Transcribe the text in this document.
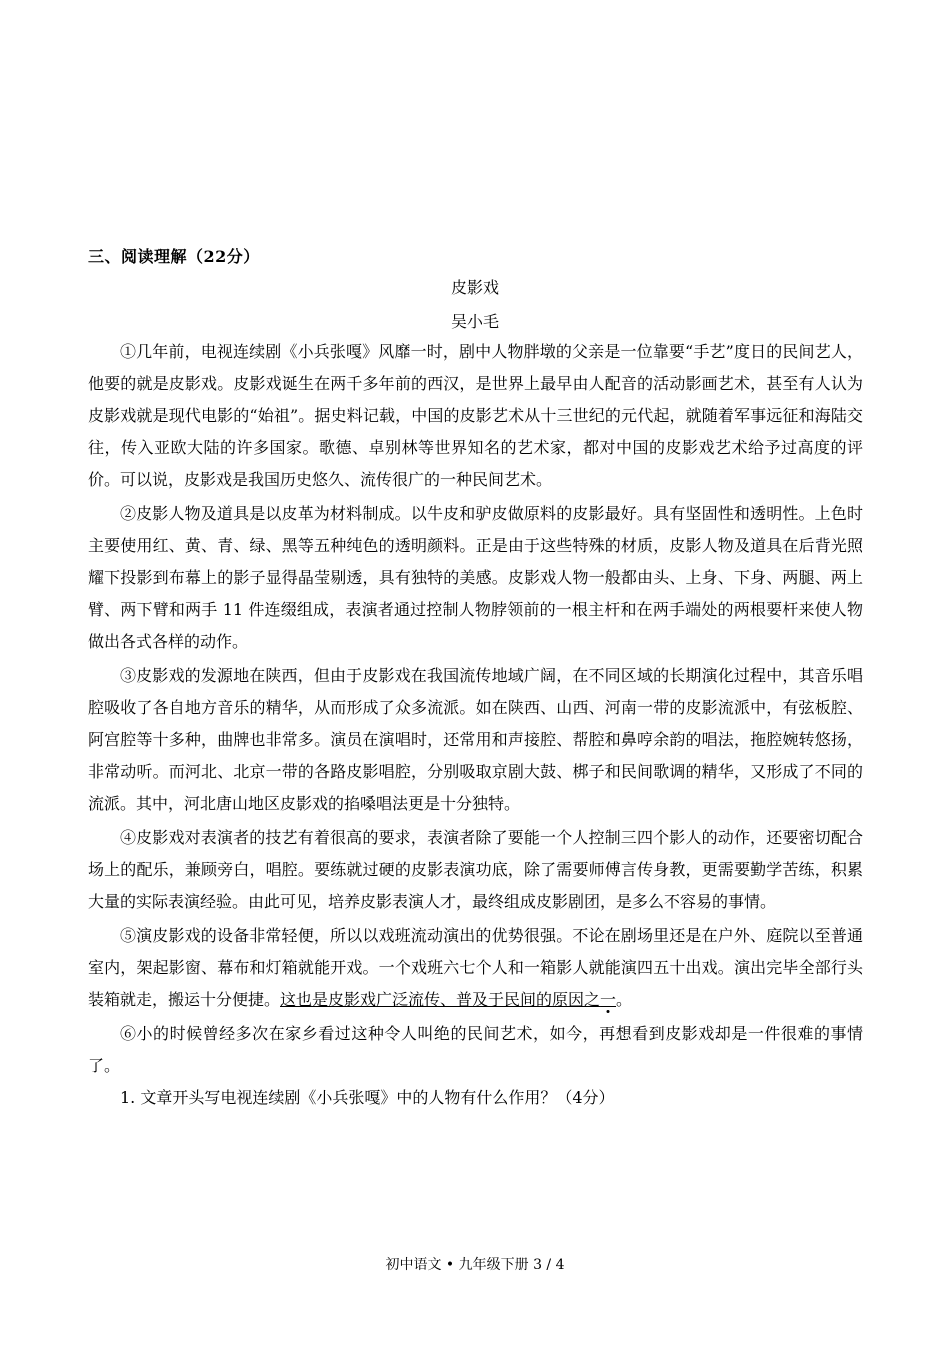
三、阅读理解（22分）
皮影戏
吴小毛

①几年前，电视连续剧《小兵张嘎》风靡一时，剧中人物胖墩的父亲是一位靠要“手艺”度日的民间艺人，他要的就是皮影戏。皮影戏诞生在两千多年前的西汉，是世界上最早由人配音的活动影画艺术，甚至有人认为皮影戏就是现代电影的“始祖”。据史料记载，中国的皮影艺术从十三世纪的元代起，就随着军事远征和海陆交往，传入亚欧大陆的许多国家。歌德、卓别林等世界知名的艺术家，都对中国的皮影戏艺术给予过高度的评价。可以说，皮影戏是我国历史悠久、流传很广的一种民间艺术。

②皮影人物及道具是以皮革为材料制成。以牛皮和驴皮做原料的皮影最好。具有坚固性和透明性。上色时主要使用红、黄、青、绿、黑等五种纯色的透明颜料。正是由于这些特殊的材质，皮影人物及道具在后背光照耀下投影到布幕上的影子显得晶莹剔透，具有独特的美感。皮影戏人物一般都由头、上身、下身、两腿、两上臂、两下臂和两手 11 件连缀组成，表演者通过控制人物脖领前的一根主杆和在两手端处的两根要杆来使人物做出各式各样的动作。

③皮影戏的发源地在陕西，但由于皮影戏在我国流传地域广阔，在不同区域的长期演化过程中，其音乐唱腔吸收了各自地方音乐的精华，从而形成了众多流派。如在陕西、山西、河南一带的皮影流派中，有弦板腔、阿宫腔等十多种，曲牌也非常多。演员在演唱时，还常用和声接腔、帮腔和鼻哼余韵的唱法，拖腔婉转悠扬，非常动听。而河北、北京一带的各路皮影唱腔，分别吸取京剧大鼓、梆子和民间歌调的精华，又形成了不同的流派。其中，河北唐山地区皮影戏的掐嗓唱法更是十分独特。

④皮影戏对表演者的技艺有着很高的要求，表演者除了要能一个人控制三四个影人的动作，还要密切配合场上的配乐，兼顾旁白，唱腔。要练就过硬的皮影表演功底，除了需要师傅言传身教，更需要勤学苦练，积累大量的实际表演经验。由此可见，培养皮影表演人才，最终组成皮影剧团，是多么不容易的事情。

⑤演皮影戏的设备非常轻便，所以以戏班流动演出的优势很强。不论在剧场里还是在户外、庭院以至普通室内，架起影窗、幕布和灯箱就能开戏。一个戏班六七个人和一箱影人就能演四五十出戏。演出完毕全部行头装箱就走，搬运十分便捷。这也是皮影戏广泛流传、普及于民间的原因之一。

⑥小的时候曾经多次在家乡看过这种令人叫绝的民间艺术，如今，再想看到皮影戏却是一件很难的事情了。

1. 文章开头写电视连续剧《小兵张嘎》中的人物有什么作用？（4分）

初中语文 • 九年级下册 3 / 4
